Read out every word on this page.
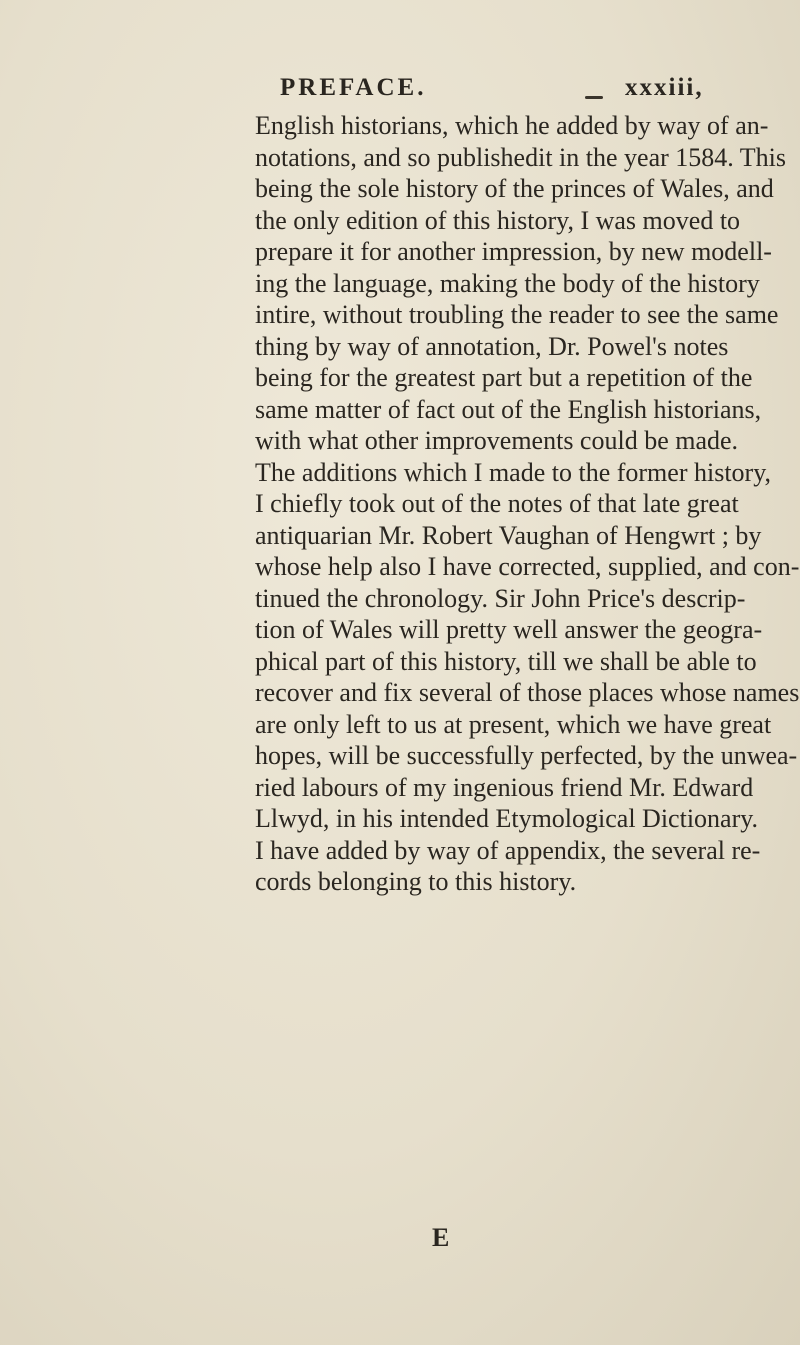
PREFACE.	xxxiii,
English historians, which he added by way of an-
notations, and so publishedit in the year 1584. This
being the sole history of the princes of Wales, and
the only edition of this history, I was moved to
prepare it for another impression, by new modell-
ing the language, making the body of the history
intire, without troubling the reader to see the same
thing by way of annotation, Dr. Powel's notes
being for the greatest part but a repetition of the
same matter of fact out of the English historians,
with what other improvements could be made.
The additions which I made to the former history,
I chiefly took out of the notes of that late great
antiquarian Mr. Robert Vaughan of Hengwrt ; by
whose help also I have corrected, supplied, and con-
tinued the chronology. Sir John Price's descrip-
tion of Wales will pretty well answer the geogra-
phical part of this history, till we shall be able to
recover and fix several of those places whose names
are only left to us at present, which we have great
hopes, will be successfully perfected, by the unwea-
ried labours of my ingenious friend Mr. Edward
Llwyd, in his intended Etymological Dictionary.
I have added by way of appendix, the several re-
cords belonging to this history.
E
